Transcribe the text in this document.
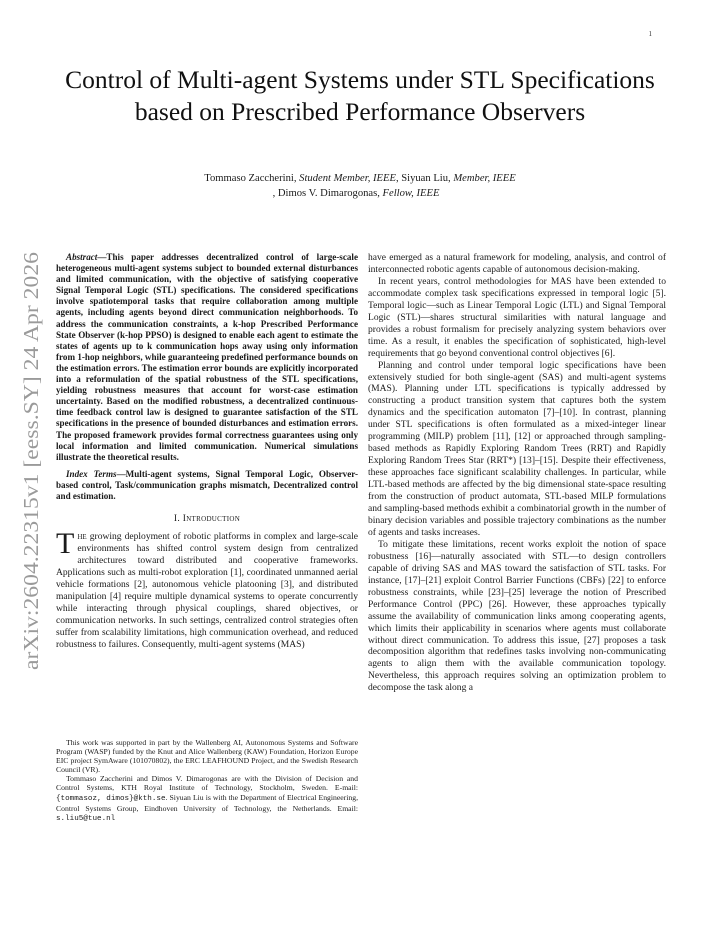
1
arXiv:2604.22315v1 [eess.SY] 24 Apr 2026
Control of Multi-agent Systems under STL Specifications based on Prescribed Performance Observers
Tommaso Zaccherini, Student Member, IEEE, Siyuan Liu, Member, IEEE
, Dimos V. Dimarogonas, Fellow, IEEE

Abstract—This paper addresses decentralized control of large-scale heterogeneous multi-agent systems subject to bounded external disturbances and limited communication, with the objective of satisfying cooperative Signal Temporal Logic (STL) specifications. The considered specifications involve spatiotemporal tasks that require collaboration among multiple agents, including agents beyond direct communication neighborhoods. To address the communication constraints, a k-hop Prescribed Performance State Observer (k-hop PPSO) is designed to enable each agent to estimate the states of agents up to k communication hops away using only information from 1-hop neighbors, while guaranteeing predefined performance bounds on the estimation errors. The estimation error bounds are explicitly incorporated into a reformulation of the spatial robustness of the STL specifications, yielding robustness measures that account for worst-case estimation uncertainty. Based on the modified robustness, a decentralized continuous-time feedback control law is designed to guarantee satisfaction of the STL specifications in the presence of bounded disturbances and estimation errors. The proposed framework provides formal correctness guarantees using only local information and limited communication. Numerical simulations illustrate the theoretical results.

Index Terms—Multi-agent systems, Signal Temporal Logic, Observer-based control, Task/communication graphs mismatch, Decentralized control and estimation.

I. Introduction

The growing deployment of robotic platforms in complex and large-scale environments has shifted control system design from centralized architectures toward distributed and cooperative frameworks. Applications such as multi-robot exploration [1], coordinated unmanned aerial vehicle formations [2], autonomous vehicle platooning [3], and distributed manipulation [4] require multiple dynamical systems to operate concurrently while interacting through physical couplings, shared objectives, or communication networks. In such settings, centralized control strategies often suffer from scalability limitations, high communication overhead, and reduced robustness to failures. Consequently, multi-agent systems (MAS)

This work was supported in part by the Wallenberg AI, Autonomous Systems and Software Program (WASP) funded by the Knut and Alice Wallenberg (KAW) Foundation, Horizon Europe EIC project SymAware (101070802), the ERC LEAFHOUND Project, and the Swedish Research Council (VR).

Tommaso Zaccherini and Dimos V. Dimarogonas are with the Division of Decision and Control Systems, KTH Royal Institute of Technology, Stockholm, Sweden. E-mail: {tommasoz, dimos}@kth.se. Siyuan Liu is with the Department of Electrical Engineering, Control Systems Group, Eindhoven University of Technology, the Netherlands. Email: s.liu5@tue.nl

have emerged as a natural framework for modeling, analysis, and control of interconnected robotic agents capable of autonomous decision-making.

In recent years, control methodologies for MAS have been extended to accommodate complex task specifications expressed in temporal logic [5]. Temporal logic—such as Linear Temporal Logic (LTL) and Signal Temporal Logic (STL)—shares structural similarities with natural language and provides a robust formalism for precisely analyzing system behaviors over time. As a result, it enables the specification of sophisticated, high-level requirements that go beyond conventional control objectives [6].

Planning and control under temporal logic specifications have been extensively studied for both single-agent (SAS) and multi-agent systems (MAS). Planning under LTL specifications is typically addressed by constructing a product transition system that captures both the system dynamics and the specification automaton [7]–[10]. In contrast, planning under STL specifications is often formulated as a mixed-integer linear programming (MILP) problem [11], [12] or approached through sampling-based methods as Rapidly Exploring Random Trees (RRT) and Rapidly Exploring Random Trees Star (RRT*) [13]–[15]. Despite their effectiveness, these approaches face significant scalability challenges. In particular, while LTL-based methods are affected by the big dimensional state-space resulting from the construction of product automata, STL-based MILP formulations and sampling-based methods exhibit a combinatorial growth in the number of binary decision variables and possible trajectory combinations as the number of agents and tasks increases.

To mitigate these limitations, recent works exploit the notion of space robustness [16]—naturally associated with STL—to design controllers capable of driving SAS and MAS toward the satisfaction of STL tasks. For instance, [17]–[21] exploit Control Barrier Functions (CBFs) [22] to enforce robustness constraints, while [23]–[25] leverage the notion of Prescribed Performance Control (PPC) [26]. However, these approaches typically assume the availability of communication links among cooperating agents, which limits their applicability in scenarios where agents must collaborate without direct communication. To address this issue, [27] proposes a task decomposition algorithm that redefines tasks involving non-communicating agents to align them with the available communication topology. Nevertheless, this approach requires solving an optimization problem to decompose the task along a
